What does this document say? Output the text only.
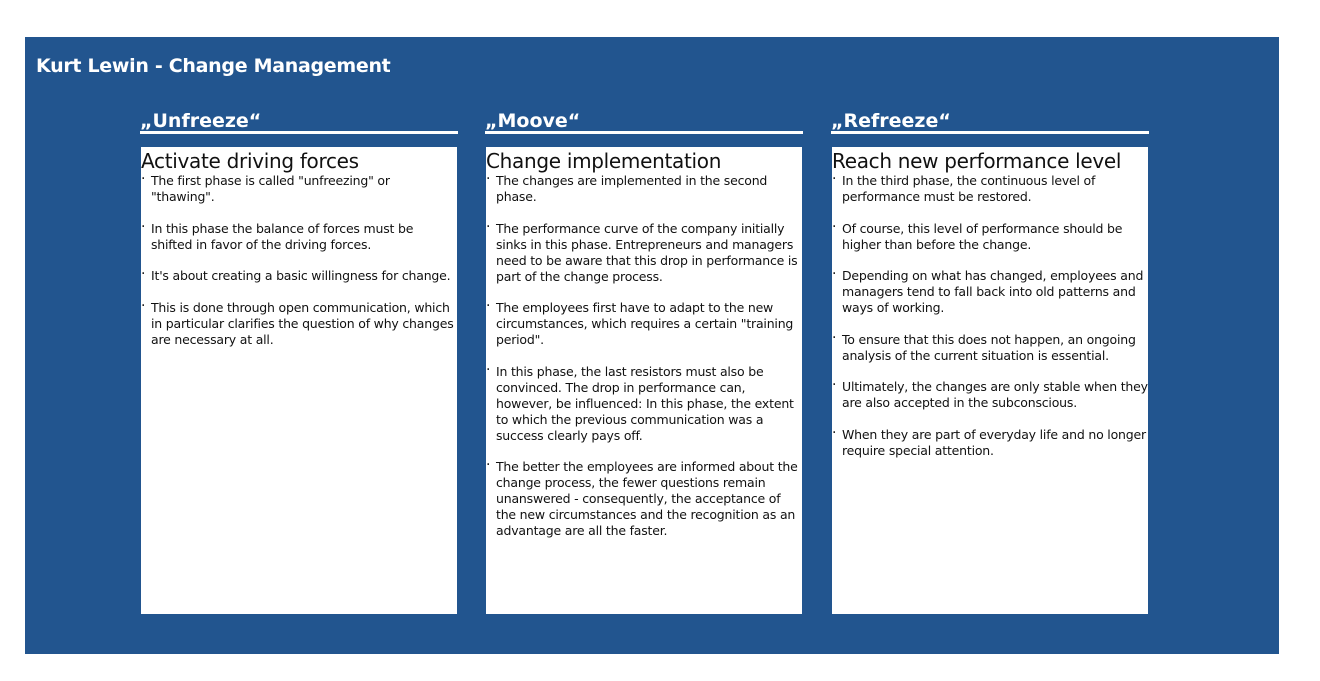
Kurt Lewin - Change Management
„Unfreeze“
Activate driving forces
· The first phase is called "unfreezing" or "thawing".
· In this phase the balance of forces must be shifted in favor of the driving forces.
· It's about creating a basic willingness for change.
· This is done through open communication, which in particular clarifies the question of why changes are necessary at all.
„Moove“
Change implementation
· The changes are implemented in the second phase.
· The performance curve of the company initially sinks in this phase. Entrepreneurs and managers need to be aware that this drop in performance is part of the change process.
· The employees first have to adapt to the new circumstances, which requires a certain "training period".
· In this phase, the last resistors must also be convinced. The drop in performance can, however, be influenced: In this phase, the extent to which the previous communication was a success clearly pays off.
· The better the employees are informed about the change process, the fewer questions remain unanswered - consequently, the acceptance of the new circumstances and the recognition as an advantage are all the faster.
„Refreeze“
Reach new performance level
· In the third phase, the continuous level of performance must be restored.
· Of course, this level of performance should be higher than before the change.
· Depending on what has changed, employees and managers tend to fall back into old patterns and ways of working.
· To ensure that this does not happen, an ongoing analysis of the current situation is essential.
· Ultimately, the changes are only stable when they are also accepted in the subconscious.
· When they are part of everyday life and no longer require special attention.
